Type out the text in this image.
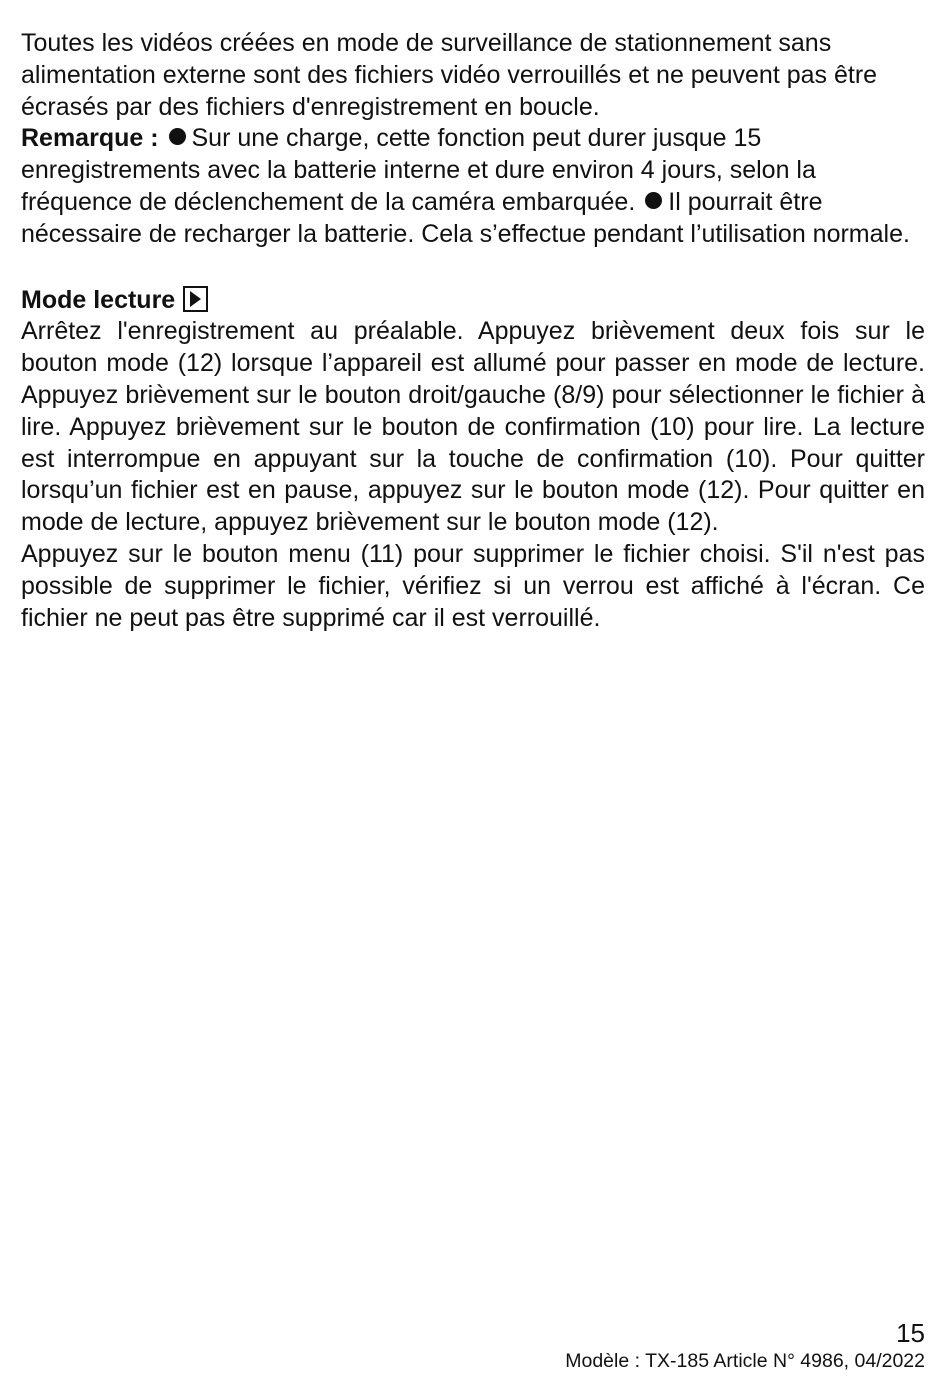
Toutes les vidéos créées en mode de surveillance de stationnement sans alimentation externe sont des fichiers vidéo verrouillés et ne peuvent pas être écrasés par des fichiers d'enregistrement en boucle.

Remarque : Sur une charge, cette fonction peut durer jusque 15 enregistrements avec la batterie interne et dure environ 4 jours, selon la fréquence de déclenchement de la caméra embarquée. Il pourrait être nécessaire de recharger la batterie. Cela s’effectue pendant l’utilisation normale.

Mode lecture

Arrêtez l'enregistrement au préalable. Appuyez brièvement deux fois sur le bouton mode (12) lorsque l’appareil est allumé pour passer en mode de lecture. Appuyez brièvement sur le bouton droit/gauche (8/9) pour sélectionner le fichier à lire. Appuyez brièvement sur le bouton de confirmation (10) pour lire. La lecture est interrompue en appuyant sur la touche de confirmation (10). Pour quitter lorsqu’un fichier est en pause, appuyez sur le bouton mode (12). Pour quitter en mode de lecture, appuyez brièvement sur le bouton mode (12).

Appuyez sur le bouton menu (11) pour supprimer le fichier choisi. S'il n'est pas possible de supprimer le fichier, vérifiez si un verrou est affiché à l'écran. Ce fichier ne peut pas être supprimé car il est verrouillé.

15

Modèle : TX-185 Article N° 4986, 04/2022
